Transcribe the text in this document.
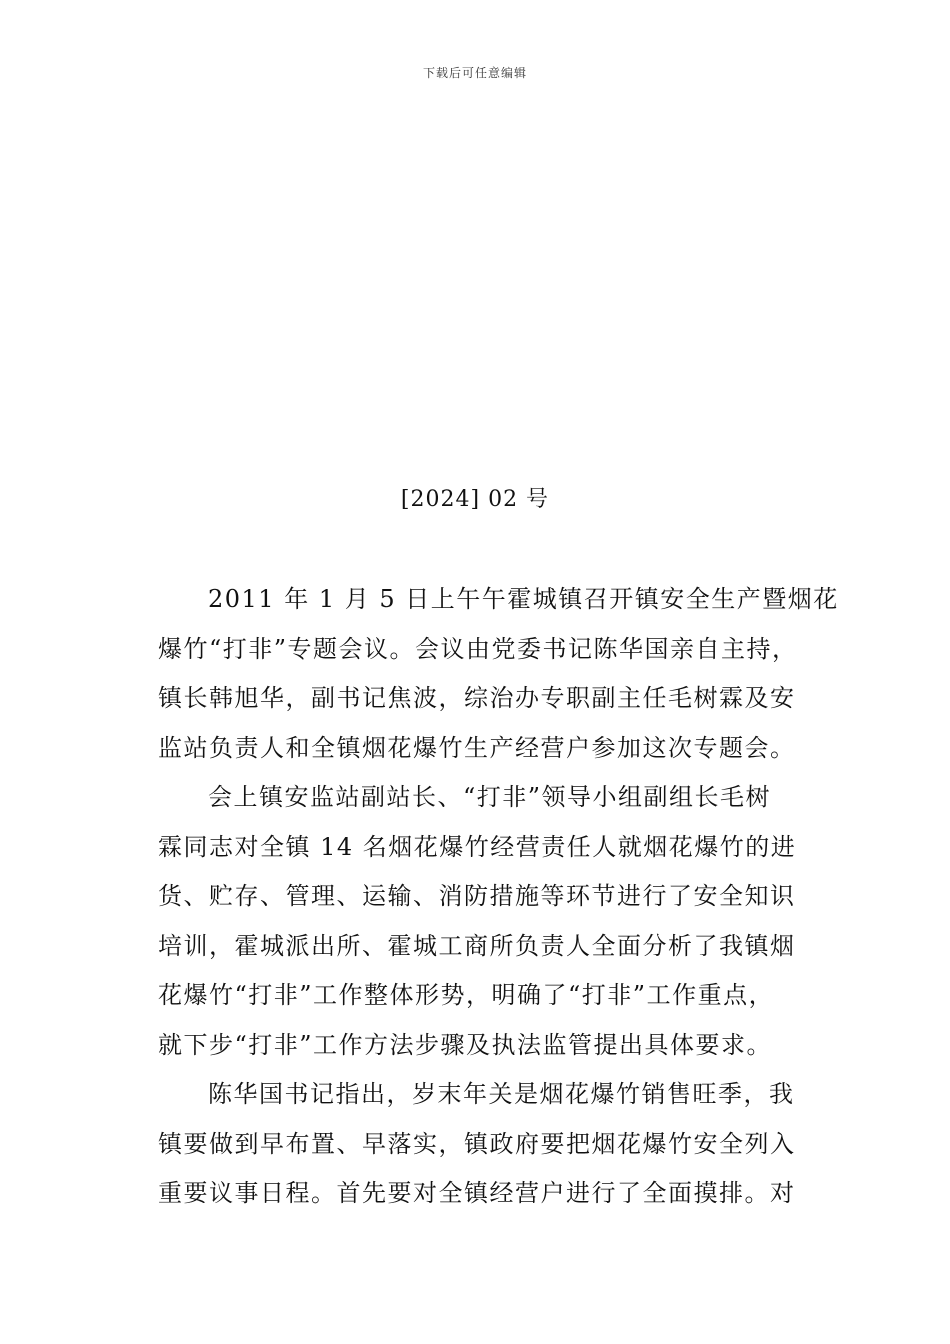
下载后可任意编辑
[2024] 02 号
2011 年 1 月 5 日上午午霍城镇召开镇安全生产暨烟花
爆竹“打非”专题会议。会议由党委书记陈华国亲自主持，
镇长韩旭华，副书记焦波，综治办专职副主任毛树霖及安
监站负责人和全镇烟花爆竹生产经营户参加这次专题会。
会上镇安监站副站长、“打非”领导小组副组长毛树
霖同志对全镇 14 名烟花爆竹经营责任人就烟花爆竹的进
货、贮存、管理、运输、消防措施等环节进行了安全知识
培训，霍城派出所、霍城工商所负责人全面分析了我镇烟
花爆竹“打非”工作整体形势，明确了“打非”工作重点，
就下步“打非”工作方法步骤及执法监管提出具体要求。
陈华国书记指出，岁末年关是烟花爆竹销售旺季，我
镇要做到早布置、早落实，镇政府要把烟花爆竹安全列入
重要议事日程。首先要对全镇经营户进行了全面摸排。对
